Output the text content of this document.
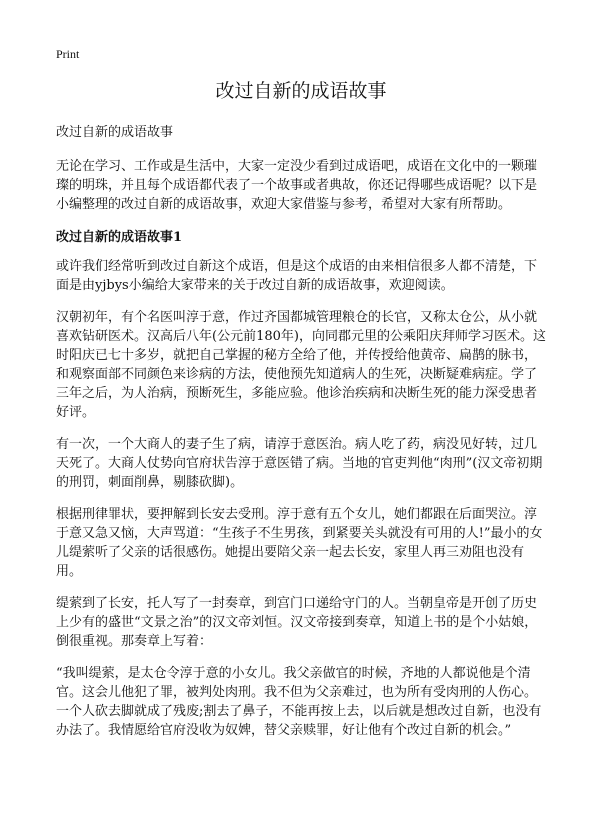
Print
改过自新的成语故事
改过自新的成语故事

无论在学习、工作或是生活中，大家一定没少看到过成语吧，成语在文化中的一颗璀璨的明珠，并且每个成语都代表了一个故事或者典故，你还记得哪些成语呢？以下是小编整理的改过自新的成语故事，欢迎大家借鉴与参考，希望对大家有所帮助。

改过自新的成语故事1

或许我们经常听到改过自新这个成语，但是这个成语的由来相信很多人都不清楚，下面是由yjbys小编给大家带来的关于改过自新的成语故事，欢迎阅读。

汉朝初年，有个名医叫淳于意，作过齐国都城管理粮仓的长官，又称太仓公，从小就喜欢钻研医术。汉高后八年(公元前180年)，向同郡元里的公乘阳庆拜师学习医术。这时阳庆已七十多岁，就把自己掌握的秘方全给了他，并传授给他黄帝、扁鹊的脉书，和观察面部不同颜色来诊病的方法，使他预先知道病人的生死，决断疑难病症。学了三年之后，为人治病，预断死生，多能应验。他诊治疾病和决断生死的能力深受患者好评。

有一次，一个大商人的妻子生了病，请淳于意医治。病人吃了药，病没见好转，过几天死了。大商人仗势向官府状告淳于意医错了病。当地的官吏判他“肉刑”(汉文帝初期的刑罚，刺面削鼻，剔膝砍脚)。

根据刑律罪状，要押解到长安去受刑。淳于意有五个女儿，她们都跟在后面哭泣。淳于意又急又恼，大声骂道：“生孩子不生男孩，到紧要关头就没有可用的人!”最小的女儿缇萦听了父亲的话很感伤。她提出要陪父亲一起去长安，家里人再三劝阻也没有用。

缇萦到了长安，托人写了一封奏章，到宫门口递给守门的人。当朝皇帝是开创了历史上少有的盛世“文景之治”的汉文帝刘恒。汉文帝接到奏章，知道上书的是个小姑娘，倒很重视。那奏章上写着：

“我叫缇萦，是太仓令淳于意的小女儿。我父亲做官的时候，齐地的人都说他是个清官。这会儿他犯了罪，被判处肉刑。我不但为父亲难过，也为所有受肉刑的人伤心。一个人砍去脚就成了残废;割去了鼻子，不能再按上去，以后就是想改过自新，也没有办法了。我情愿给官府没收为奴婢，替父亲赎罪，好让他有个改过自新的机会。”
